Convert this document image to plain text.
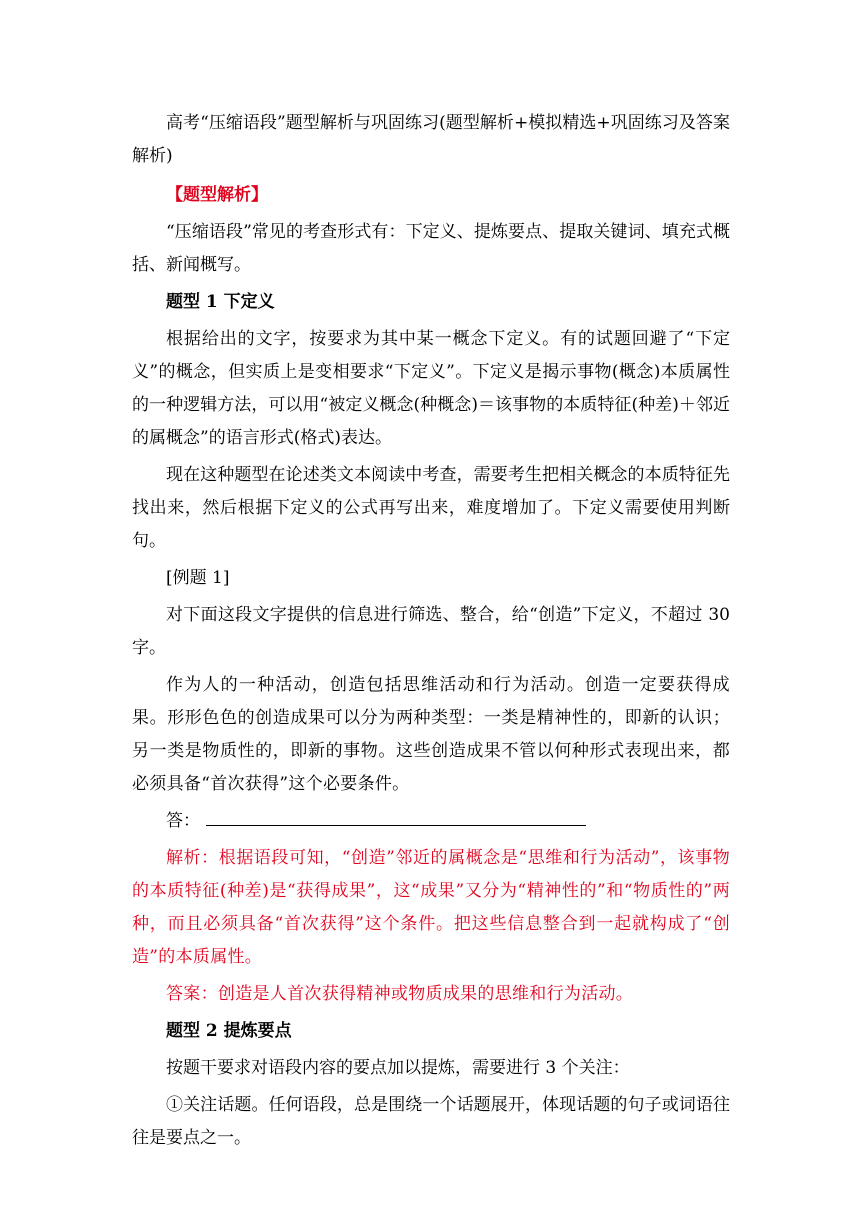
高考“压缩语段”题型解析与巩固练习(题型解析+模拟精选+巩固练习及答案解析)

【题型解析】

“压缩语段”常见的考查形式有：下定义、提炼要点、提取关键词、填充式概括、新闻概写。

题型 1 下定义

根据给出的文字，按要求为其中某一概念下定义。有的试题回避了“下定义”的概念，但实质上是变相要求“下定义”。下定义是揭示事物(概念)本质属性的一种逻辑方法，可以用“被定义概念(种概念)＝该事物的本质特征(种差)＋邻近的属概念”的语言形式(格式)表达。

现在这种题型在论述类文本阅读中考查，需要考生把相关概念的本质特征先找出来，然后根据下定义的公式再写出来，难度增加了。下定义需要使用判断句。

[例题 1]

对下面这段文字提供的信息进行筛选、整合，给“创造”下定义，不超过 30 字。

作为人的一种活动，创造包括思维活动和行为活动。创造一定要获得成果。形形色色的创造成果可以分为两种类型：一类是精神性的，即新的认识；另一类是物质性的，即新的事物。这些创造成果不管以何种形式表现出来，都必须具备“首次获得”这个必要条件。

答：

解析：根据语段可知，“创造”邻近的属概念是“思维和行为活动”，该事物的本质特征(种差)是“获得成果”，这“成果”又分为“精神性的”和“物质性的”两种，而且必须具备“首次获得”这个条件。把这些信息整合到一起就构成了“创造”的本质属性。

答案：创造是人首次获得精神或物质成果的思维和行为活动。

题型 2 提炼要点

按题干要求对语段内容的要点加以提炼，需要进行 3 个关注：

①关注话题。任何语段，总是围绕一个话题展开，体现话题的句子或词语往往是要点之一。
